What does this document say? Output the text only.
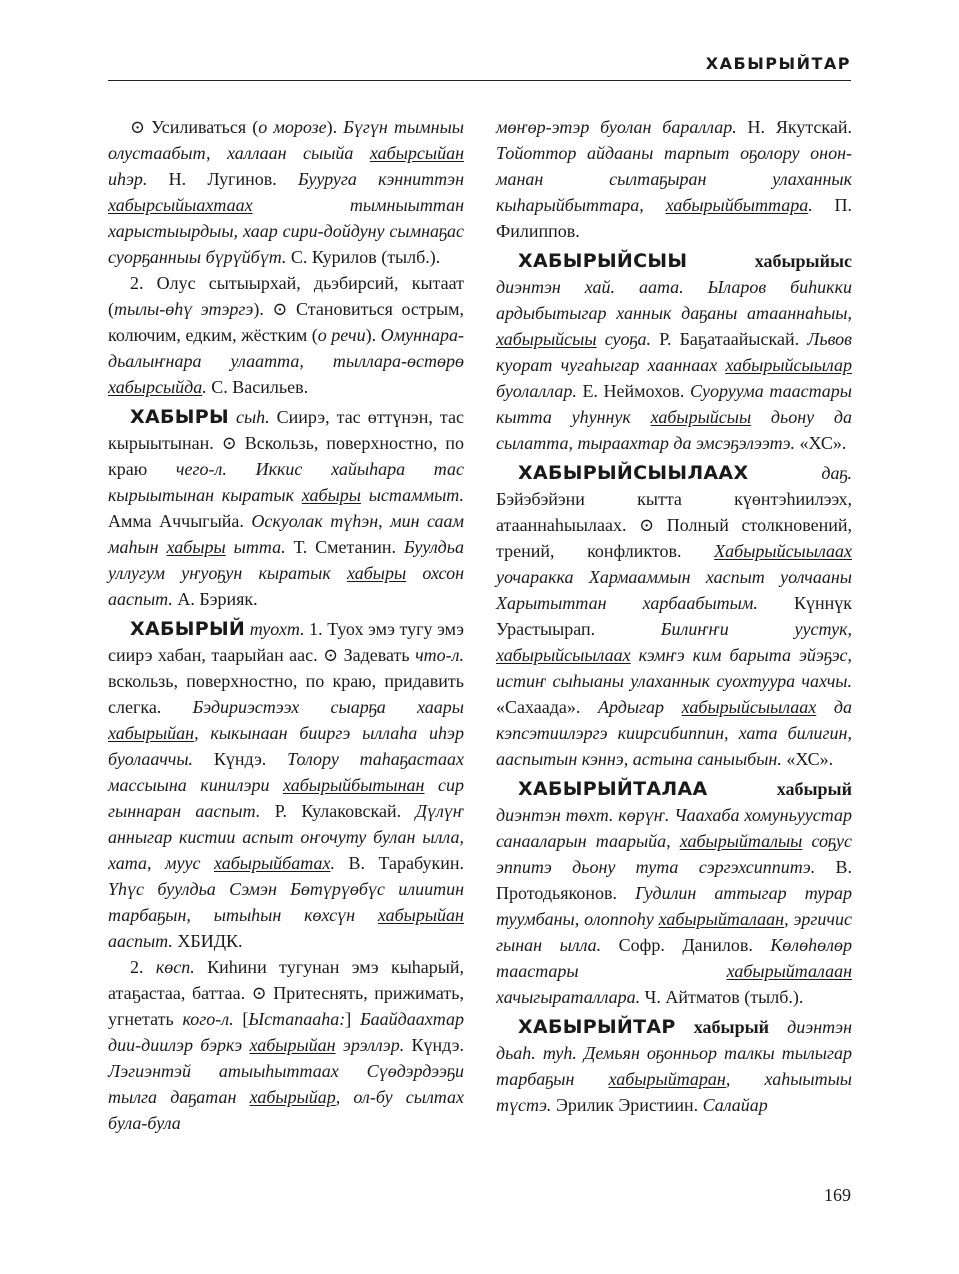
ХАБЫРЫЙТАР

⊙ Усиливаться (о морозе). Бүгүн тымныы олустаабыт, халлаан сыыйа хабырсыйан иһэр. Н. Лугинов. Бууруга кэнниттэн хабырсыйыахтаах тымныыттан харыстыырдыы, хаар сири-дойдуну сымнаҕас суорҕанныы бүрүйбүт. С. Курилов (тылб.).

2. Олус сытыырхай, дьэбирсий, кытаат (тылы-өһү этэргэ). ⊙ Становиться острым, колючим, едким, жёстким (о речи). Омуннара-дьалыҥнара улаатта, тыллара-өстөрө хабырсыйда. С. Васильев.

ХАБЫРЫ сыһ. Сиирэ, тас өттүнэн, тас кырыытынан. ⊙ Вскользь, поверхностно, по краю чего-л. Иккис хайыһара тас кырыытынан кыратык хабыры ыстаммыт. Амма Аччыгыйа. Оскуолак түһэн, мин саам маһын хабыры ытта. Т. Сметанин. Буулдьа уллугум уҥуоҕун кыратык хабыры охсон ааспыт. А. Бэрияк.

ХАБЫРЫЙ туохт. 1. Туох эмэ тугу эмэ сиирэ хабан, таарыйан аас. ⊙ Задевать что-л. вскользь, поверхностно, по краю, придавить слегка. Бэдириэстээх сыарҕа хаары хабырыйан, кыкынаан бииргэ ыллаһа иһэр буолааччы. Күндэ. Толору таһаҕастаах массыына кинилэри хабырыйбытынан сир гыннаран ааспыт. Р. Кулаковскай. Дүлүҥ анныгар кистии аспыт оҥочуту булан ылла, хата, муус хабырыйбатах. В. Тарабукин. Үһүс буулдьа Сэмэн Бөтүрүөбүс илиитин тарбаҕын, ытыһын көхсүн хабырыйан ааспыт. ХБИДК.

2. көсп. Киһини тугунан эмэ кыһарый, атаҕастаа, баттаа. ⊙ Притеснять, прижимать, угнетать кого-л. [Ыстапааһа:] Баайдаахтар дии-диилэр бэркэ хабырыйан эрэллэр. Күндэ. Лэгиэнтэй атыыһыттаах Сүөдэрдээҕи тылга даҕатан хабырыйар, ол-бу сылтах була-була

мөҥөр-этэр буолан бараллар. Н. Якутскай. Тойоттор айдааны тарпыт оҕолору онон-манан сылтаҕыран улаханнык кыһарыйбыттара, хабырыйбыттара. П. Филиппов.

ХАБЫРЫЙСЫЫ	хабырыйыс диэнтэн хай. аата. Ыларов биһикки ардыбытыгар ханнык даҕаны атааннаһыы, хабырыйсыы суоҕа. Р. Баҕатаайыскай. Львов куорат чугаһыгар хааннаах хабырыйсыылар буолаллар. Е. Неймохов. Суоруума таастары кытта уһуннук хабырыйсыы дьону да сылатта, тыраахтар да эмсэҕэлээтэ. «ХС».

ХАБЫРЫЙСЫЫЛААХ	даҕ. Бэйэбэйэни кытта күөнтэһиилээх, атааннаһыылаах. ⊙ Полный столкновений, трений, конфликтов. Хабырыйсыылаах уочаракка Хармааммын хаспыт уолчааны Харытыттан харбаабытым. Күннүк Урастыырап. Билиҥҥи уустук, хабырыйсыылаах кэмҥэ ким барыта эйэҕэс, истиҥ сыһыаны улаханнык суохтуура чахчы. «Сахаада». Ардыгар хабырыйсыылаах да кэпсэтиилэргэ киирсибиппин, хата билигин, ааспытын кэннэ, астына саныыбын. «ХС».

ХАБЫРЫЙТАЛАА	хабырый диэнтэн төхт. көрүҥ. Чаахаба хомуньуустар санааларын таарыйа, хабырыйталыы соҕус эппитэ дьону тута сэргэхсиппитэ. В. Протодьяконов. Гудилин аттыгар турар туумбаны, олоппоһу хабырыйталаан, эргичис гынан ылла. Софр. Данилов. Көлөһөлөр таастары хабырыйталаан хачыгыраталлара. Ч. Айтматов (тылб.).

ХАБЫРЫЙТАР хабырый диэнтэн дьаһ. туһ. Демьян оҕонньор талкы тылыгар тарбаҕын хабырыйтаран, хаһыытыы түстэ. Эрилик Эристиин. Салайар

169
